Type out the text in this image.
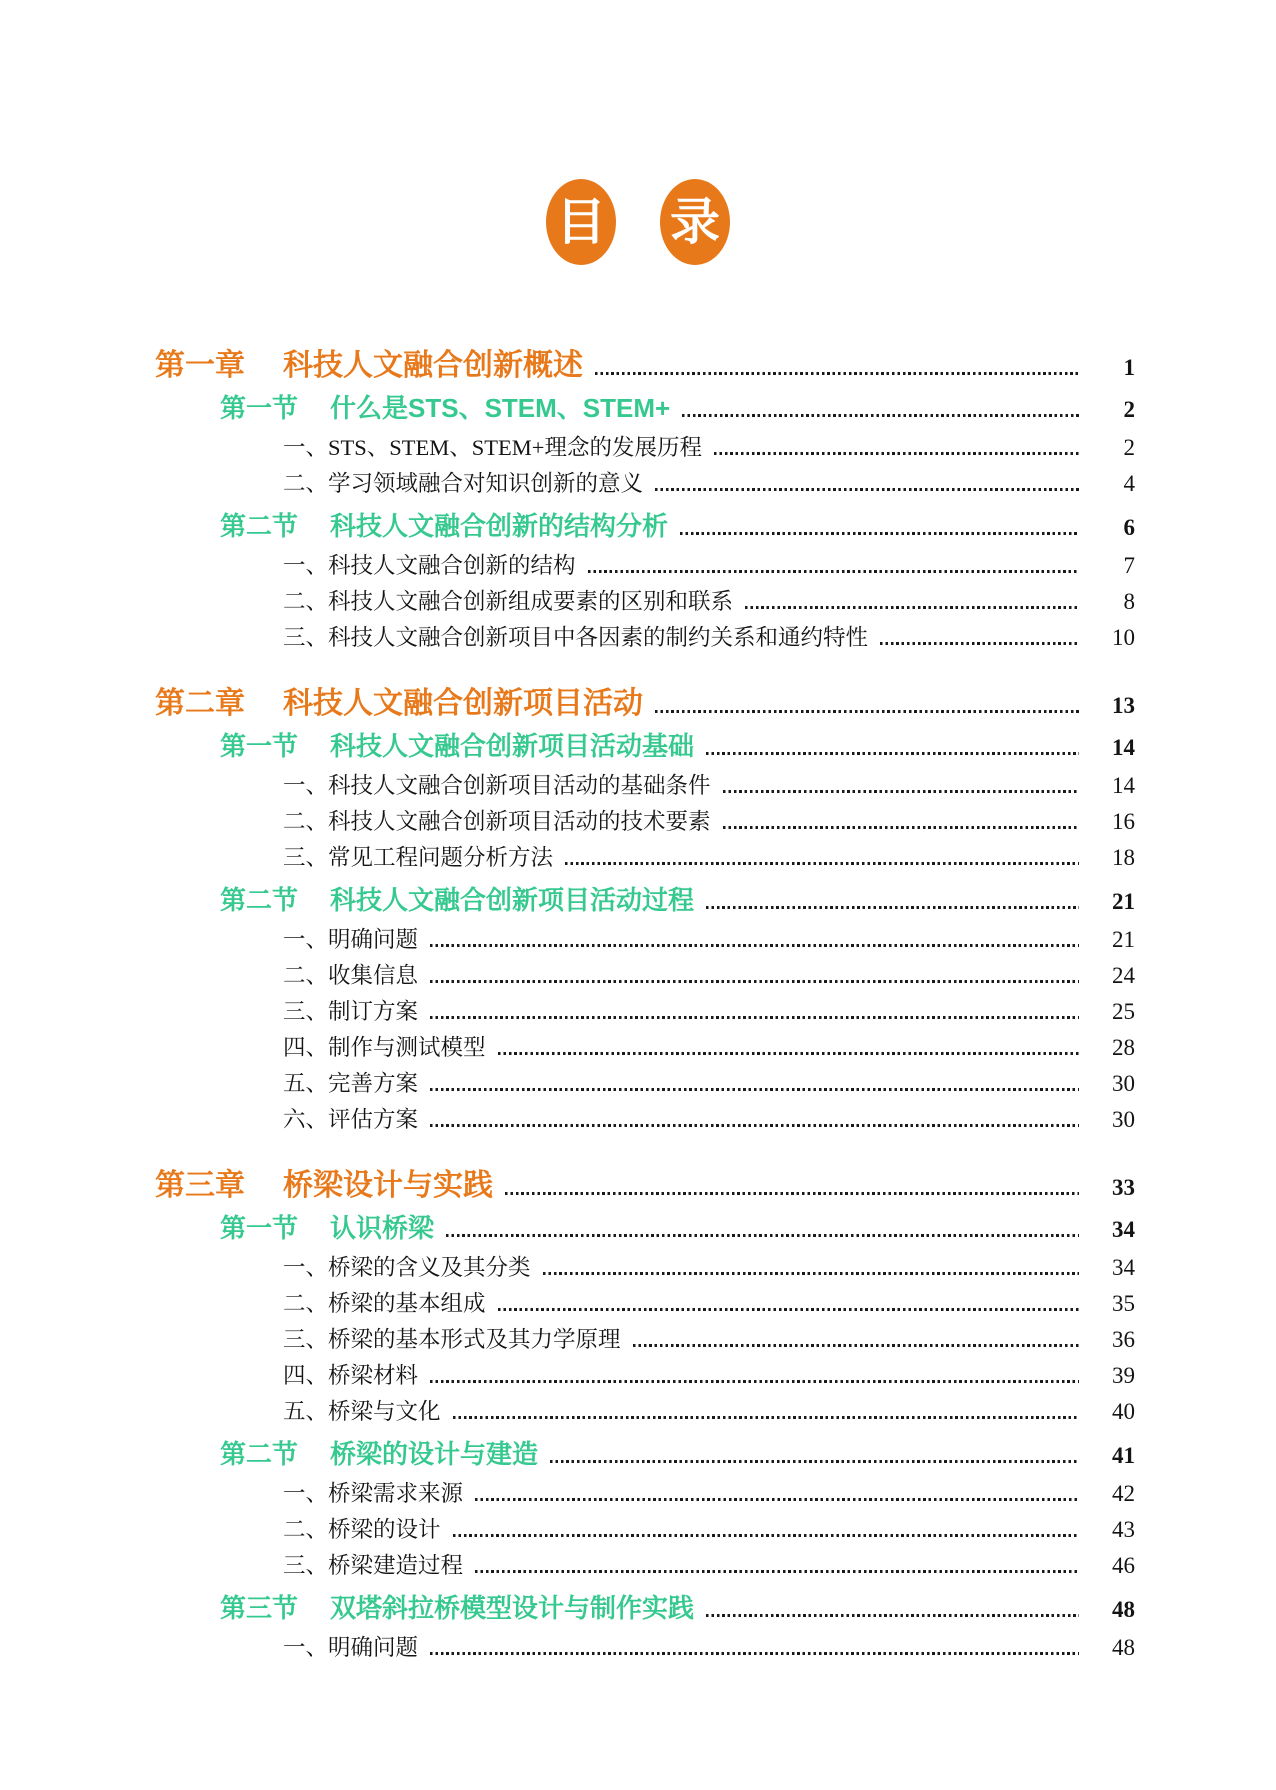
目 录
第一章 科技人文融合创新概述	1
第一节 什么是STS、STEM、STEM+	2
一、STS、STEM、STEM+理念的发展历程	2
二、学习领域融合对知识创新的意义	4
第二节 科技人文融合创新的结构分析	6
一、科技人文融合创新的结构	7
二、科技人文融合创新组成要素的区别和联系	8
三、科技人文融合创新项目中各因素的制约关系和通约特性	10
第二章 科技人文融合创新项目活动	13
第一节 科技人文融合创新项目活动基础	14
一、科技人文融合创新项目活动的基础条件	14
二、科技人文融合创新项目活动的技术要素	16
三、常见工程问题分析方法	18
第二节 科技人文融合创新项目活动过程	21
一、明确问题	21
二、收集信息	24
三、制订方案	25
四、制作与测试模型	28
五、完善方案	30
六、评估方案	30
第三章 桥梁设计与实践	33
第一节 认识桥梁	34
一、桥梁的含义及其分类	34
二、桥梁的基本组成	35
三、桥梁的基本形式及其力学原理	36
四、桥梁材料	39
五、桥梁与文化	40
第二节 桥梁的设计与建造	41
一、桥梁需求来源	42
二、桥梁的设计	43
三、桥梁建造过程	46
第三节 双塔斜拉桥模型设计与制作实践	48
一、明确问题	48
